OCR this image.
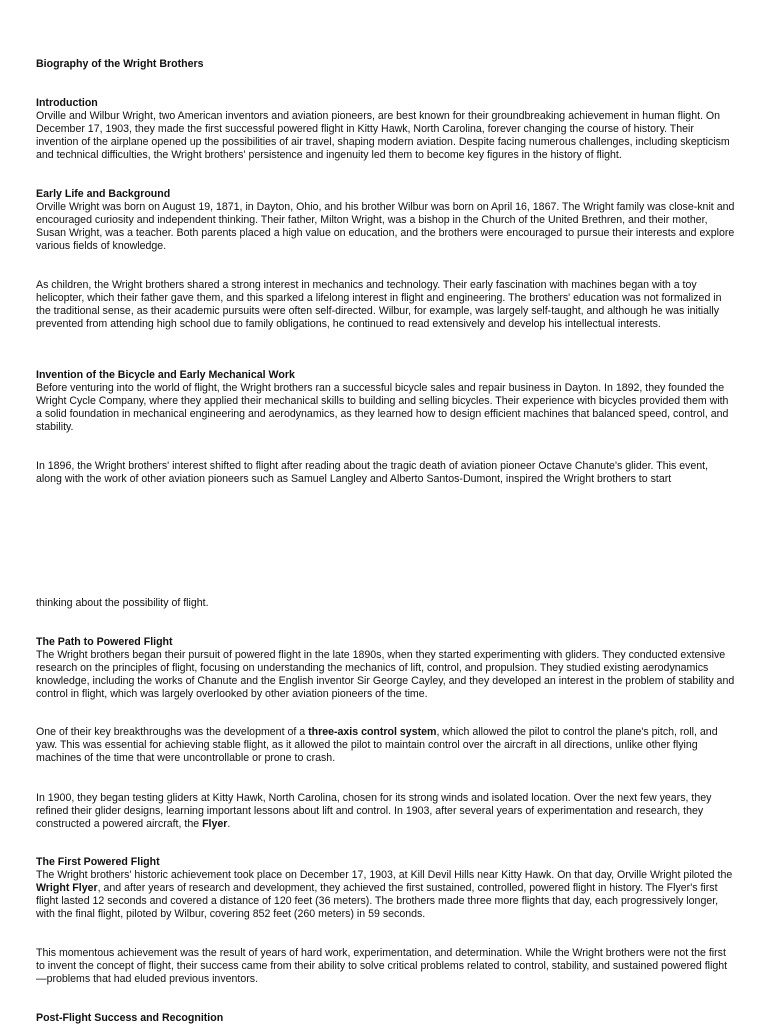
Biography of the Wright Brothers
Introduction
Orville and Wilbur Wright, two American inventors and aviation pioneers, are best known for their groundbreaking achievement in human flight. On December 17, 1903, they made the first successful powered flight in Kitty Hawk, North Carolina, forever changing the course of history. Their invention of the airplane opened up the possibilities of air travel, shaping modern aviation. Despite facing numerous challenges, including skepticism and technical difficulties, the Wright brothers' persistence and ingenuity led them to become key figures in the history of flight.
Early Life and Background
Orville Wright was born on August 19, 1871, in Dayton, Ohio, and his brother Wilbur was born on April 16, 1867. The Wright family was close-knit and encouraged curiosity and independent thinking. Their father, Milton Wright, was a bishop in the Church of the United Brethren, and their mother, Susan Wright, was a teacher. Both parents placed a high value on education, and the brothers were encouraged to pursue their interests and explore various fields of knowledge.
As children, the Wright brothers shared a strong interest in mechanics and technology. Their early fascination with machines began with a toy helicopter, which their father gave them, and this sparked a lifelong interest in flight and engineering. The brothers' education was not formalized in the traditional sense, as their academic pursuits were often self-directed. Wilbur, for example, was largely self-taught, and although he was initially prevented from attending high school due to family obligations, he continued to read extensively and develop his intellectual interests.
Invention of the Bicycle and Early Mechanical Work
Before venturing into the world of flight, the Wright brothers ran a successful bicycle sales and repair business in Dayton. In 1892, they founded the Wright Cycle Company, where they applied their mechanical skills to building and selling bicycles. Their experience with bicycles provided them with a solid foundation in mechanical engineering and aerodynamics, as they learned how to design efficient machines that balanced speed, control, and stability.
In 1896, the Wright brothers' interest shifted to flight after reading about the tragic death of aviation pioneer Octave Chanute's glider. This event, along with the work of other aviation pioneers such as Samuel Langley and Alberto Santos-Dumont, inspired the Wright brothers to start
thinking about the possibility of flight.
The Path to Powered Flight
The Wright brothers began their pursuit of powered flight in the late 1890s, when they started experimenting with gliders. They conducted extensive research on the principles of flight, focusing on understanding the mechanics of lift, control, and propulsion. They studied existing aerodynamics knowledge, including the works of Chanute and the English inventor Sir George Cayley, and they developed an interest in the problem of stability and control in flight, which was largely overlooked by other aviation pioneers of the time.
One of their key breakthroughs was the development of a three-axis control system, which allowed the pilot to control the plane's pitch, roll, and yaw. This was essential for achieving stable flight, as it allowed the pilot to maintain control over the aircraft in all directions, unlike other flying machines of the time that were uncontrollable or prone to crash.
In 1900, they began testing gliders at Kitty Hawk, North Carolina, chosen for its strong winds and isolated location. Over the next few years, they refined their glider designs, learning important lessons about lift and control. In 1903, after several years of experimentation and research, they constructed a powered aircraft, the Flyer.
The First Powered Flight
The Wright brothers' historic achievement took place on December 17, 1903, at Kill Devil Hills near Kitty Hawk. On that day, Orville Wright piloted the Wright Flyer, and after years of research and development, they achieved the first sustained, controlled, powered flight in history. The Flyer's first flight lasted 12 seconds and covered a distance of 120 feet (36 meters). The brothers made three more flights that day, each progressively longer, with the final flight, piloted by Wilbur, covering 852 feet (260 meters) in 59 seconds.
This momentous achievement was the result of years of hard work, experimentation, and determination. While the Wright brothers were not the first to invent the concept of flight, their success came from their ability to solve critical problems related to control, stability, and sustained powered flight—problems that had eluded previous inventors.
Post-Flight Success and Recognition
